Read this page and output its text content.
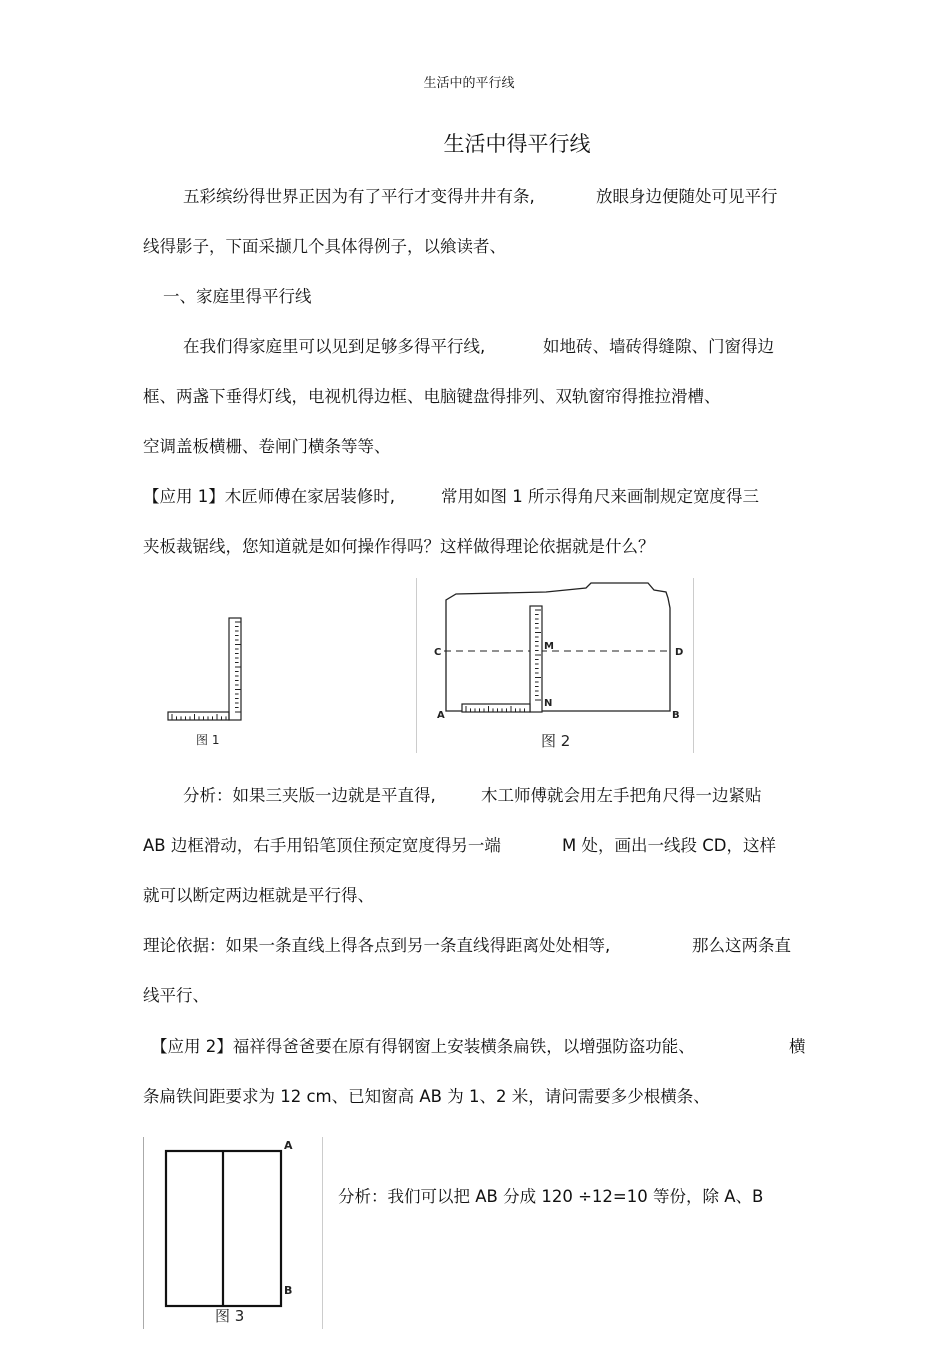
生活中的平行线
生活中得平行线
五彩缤纷得世界正因为有了平行才变得井井有条,	放眼身边便随处可见平行
线得影子，下面采撷几个具体得例子，以飨读者、
一、家庭里得平行线
在我们得家庭里可以见到足够多得平行线,	如地砖、墙砖得缝隙、门窗得边
框、两盏下垂得灯线，电视机得边框、电脑键盘得排列、双轨窗帘得推拉滑槽、
空调盖板横栅、卷闸门横条等等、
【应用 1】木匠师傅在家居装修时,	常用如图 1 所示得角尺来画制规定宽度得三
夹板裁锯线，您知道就是如何操作得吗？这样做得理论依据就是什么？
图 1
C	D
M
N
A	B
图 2
分析：如果三夹版一边就是平直得,	木工师傅就会用左手把角尺得一边紧贴
AB 边框滑动，右手用铅笔顶住预定宽度得另一端	M 处，画出一线段 CD，这样
就可以断定两边框就是平行得、
理论依据：如果一条直线上得各点到另一条直线得距离处处相等,	那么这两条直
线平行、
【应用 2】福祥得爸爸要在原有得钢窗上安装横条扁铁，以增强防盗功能、	横
条扁铁间距要求为 12 cm、已知窗高 AB 为 1、2 米，请问需要多少根横条、
A
B
图 3
分析：我们可以把 AB 分成 120 ÷12=10 等份，除 A、B
